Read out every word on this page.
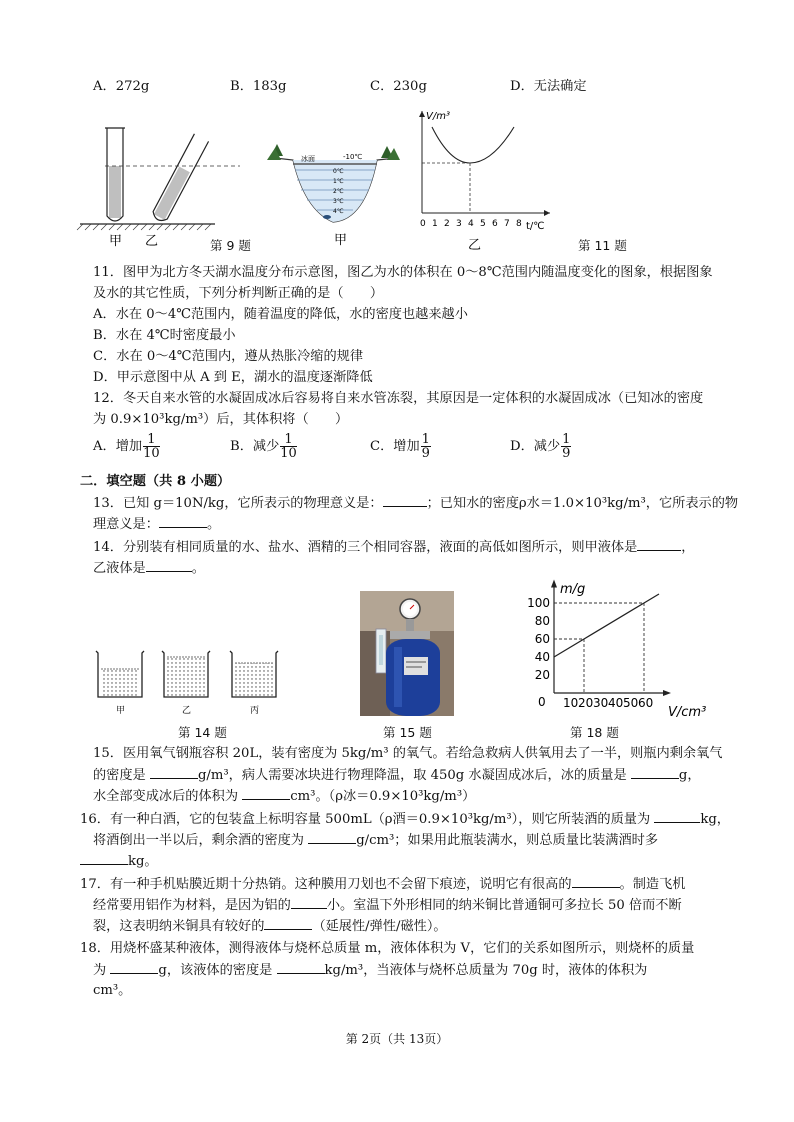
A．272g	B．183g	C．230g	D．无法确定
甲 乙	第 9 题
冰面	-10℃
0℃
1℃
2℃
3℃
4℃
甲
V/m³
t/℃
0 1 2 3 4 5 6 7 8
乙	第 11 题
11．图甲为北方冬天湖水温度分布示意图，图乙为水的体积在 0～8℃范围内随温度变化的图象，根据图象
及水的其它性质，下列分析判断正确的是（　　）
A．水在 0～4℃范围内，随着温度的降低，水的密度也越来越小
B．水在 4℃时密度最小
C．水在 0～4℃范围内，遵从热胀冷缩的规律
D．甲示意图中从 A 到 E，湖水的温度逐渐降低
12．冬天自来水管的水凝固成冰后容易将自来水管冻裂，其原因是一定体积的水凝固成冰（已知冰的密度
为 0.9×10³kg/m³）后，其体积将（　　）
A．增加 $\frac{1}{10}$	B．减少 $\frac{1}{10}$	C．增加 $\frac{1}{9}$	D．减少 $\frac{1}{9}$
二．填空题（共 8 小题）
13．已知 g＝10N/kg，它所表示的物理意义是：	；已知水的密度ρ水＝1.0×10³kg/m³，它所表示的物
理意义是：	。
14．分别装有相同质量的水、盐水、酒精的三个相同容器，液面的高低如图所示，则甲液体是	，
乙液体是	。
甲	乙	丙
第 14 题	第 15 题
10 20 30 40 50 60
20
40
60
80
100
m/g
V/cm³
0
第 18 题
15．医用氧气钢瓶容积 20L，装有密度为 5kg/m³ 的氧气。若给急救病人供氧用去了一半，则瓶内剩余氧气
的密度是	g/m³，病人需要冰块进行物理降温，取 450g 水凝固成冰后，冰的质量是	g，
水全部变成冰后的体积为	cm³。（ρ冰＝0.9×10³kg/m³）
16．有一种白酒，它的包装盒上标明容量 500mL（ρ酒＝0.9×10³kg/m³），则它所装酒的质量为	kg，
将酒倒出一半以后，剩余酒的密度为	g/cm³；如果用此瓶装满水，则总质量比装满酒时多
kg。
17．有一种手机贴膜近期十分热销。这种膜用刀划也不会留下痕迹，说明它有很高的	。制造飞机
经常要用铝作为材料，是因为铝的	小。室温下外形相同的纳米铜比普通铜可多拉长 50 倍而不断
裂，这表明纳米铜具有较好的	（延展性/弹性/磁性）。
18．用烧杯盛某种液体，测得液体与烧杯总质量 m，液体体积为 V，它们的关系如图所示，则烧杯的质量
为	g，该液体的密度是	kg/m³，当液体与烧杯总质量为 70g 时，液体的体积为
cm³。
第 2页（共 13页）
